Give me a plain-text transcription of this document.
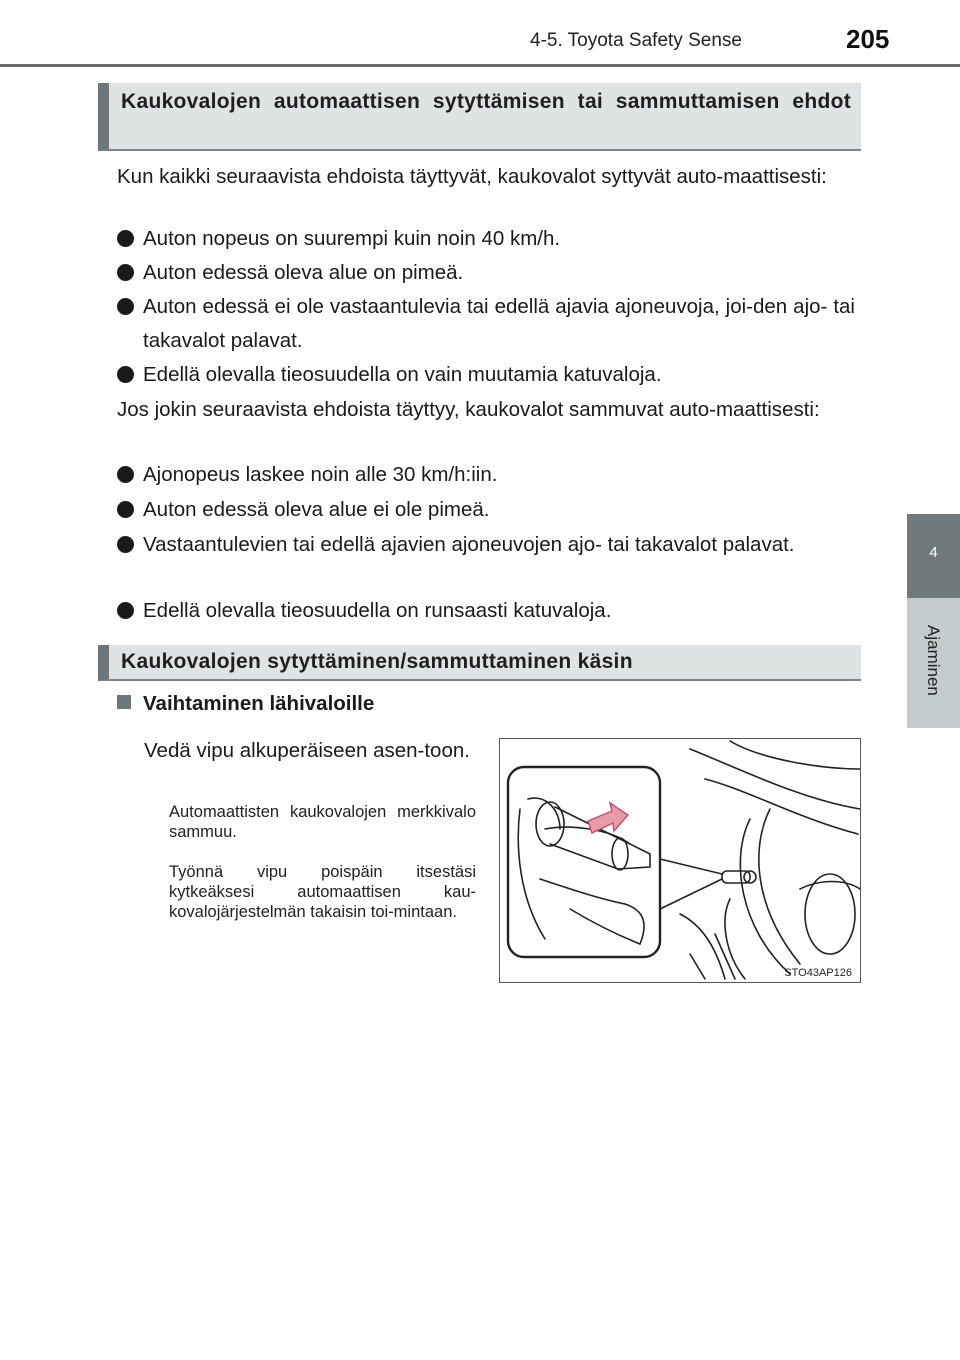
4-5. Toyota Safety Sense	205
4
Ajaminen
Kaukovalojen automaattisen sytyttämisen tai sammuttamisen ehdot
Kun kaikki seuraavista ehdoista täyttyvät, kaukovalot syttyvät auto-maattisesti:
Auton nopeus on suurempi kuin noin 40 km/h.
Auton edessä oleva alue on pimeä.
Auton edessä ei ole vastaantulevia tai edellä ajavia ajoneuvoja, joi-den ajo- tai takavalot palavat.
Edellä olevalla tieosuudella on vain muutamia katuvaloja.
Jos jokin seuraavista ehdoista täyttyy, kaukovalot sammuvat auto-maattisesti:
Ajonopeus laskee noin alle 30 km/h:iin.
Auton edessä oleva alue ei ole pimeä.
Vastaantulevien tai edellä ajavien ajoneuvojen ajo- tai takavalot palavat.
Edellä olevalla tieosuudella on runsaasti katuvaloja.
Kaukovalojen sytyttäminen/sammuttaminen käsin
Vaihtaminen lähivaloille
Vedä vipu alkuperäiseen asen-toon.
Automaattisten kaukovalojen merkkivalo sammuu.
Työnnä vipu poispäin itsestäsi kytkeäksesi automaattisen kau-kovalojärjestelmän takaisin toi-mintaan.
STO43AP126
